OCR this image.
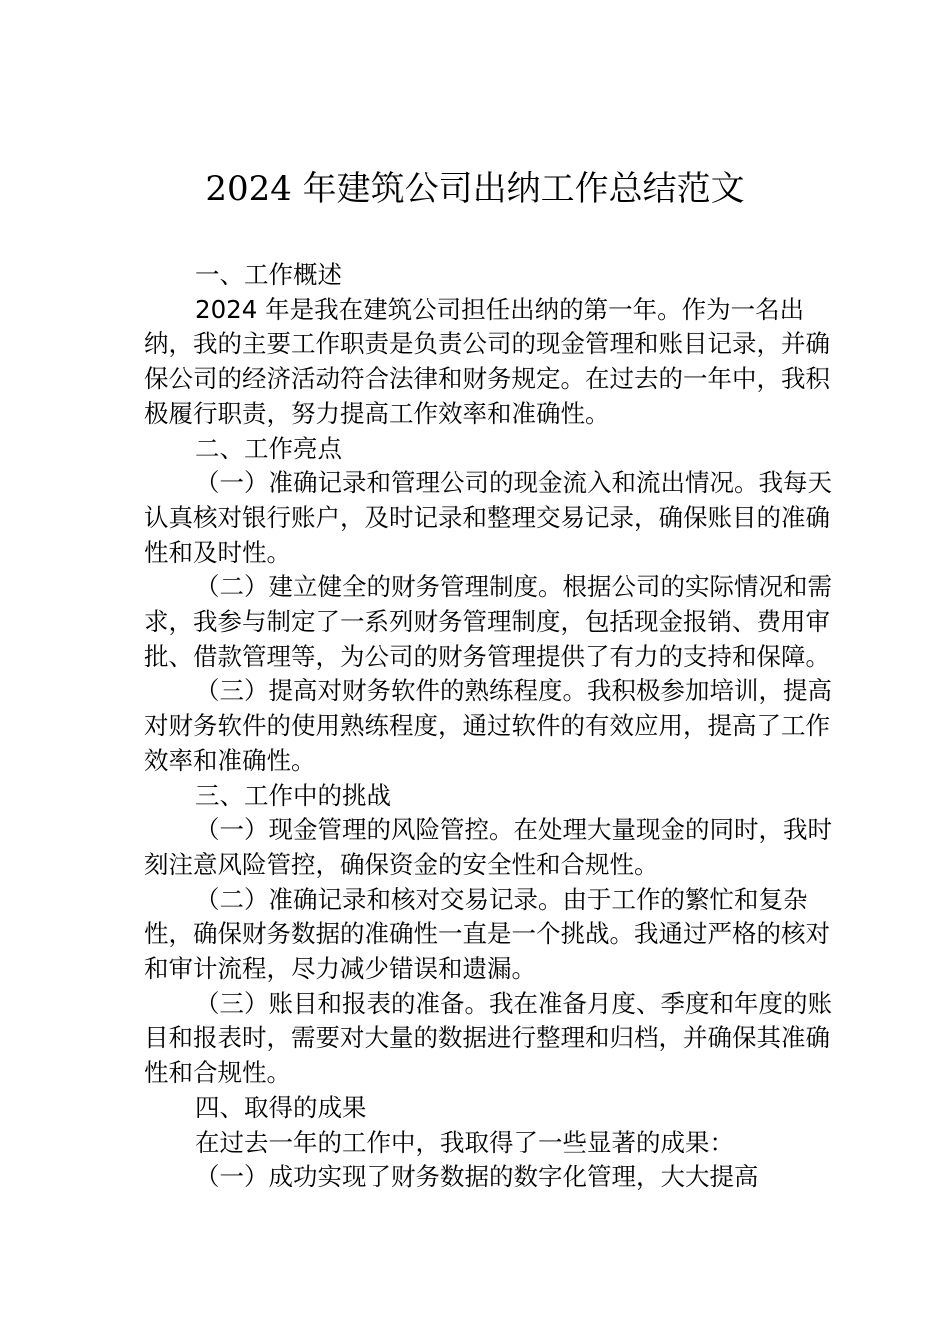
2024 年建筑公司出纳工作总结范文

一、工作概述

2024 年是我在建筑公司担任出纳的第一年。作为一名出纳，我的主要工作职责是负责公司的现金管理和账目记录，并确保公司的经济活动符合法律和财务规定。在过去的一年中，我积极履行职责，努力提高工作效率和准确性。

二、工作亮点

（一）准确记录和管理公司的现金流入和流出情况。我每天认真核对银行账户，及时记录和整理交易记录，确保账目的准确性和及时性。

（二）建立健全的财务管理制度。根据公司的实际情况和需求，我参与制定了一系列财务管理制度，包括现金报销、费用审批、借款管理等，为公司的财务管理提供了有力的支持和保障。

（三）提高对财务软件的熟练程度。我积极参加培训，提高对财务软件的使用熟练程度，通过软件的有效应用，提高了工作效率和准确性。

三、工作中的挑战

（一）现金管理的风险管控。在处理大量现金的同时，我时刻注意风险管控，确保资金的安全性和合规性。

（二）准确记录和核对交易记录。由于工作的繁忙和复杂性，确保财务数据的准确性一直是一个挑战。我通过严格的核对和审计流程，尽力减少错误和遗漏。

（三）账目和报表的准备。我在准备月度、季度和年度的账目和报表时，需要对大量的数据进行整理和归档，并确保其准确性和合规性。

四、取得的成果

在过去一年的工作中，我取得了一些显著的成果：

（一）成功实现了财务数据的数字化管理，大大提高
